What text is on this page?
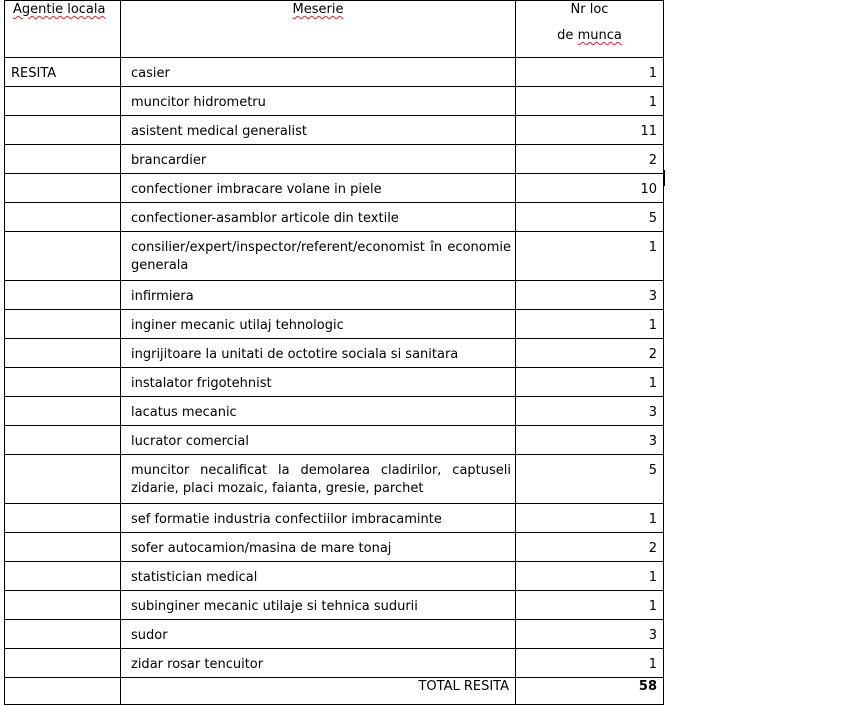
Agentie locala	Meserie	Nr loc
de munca

RESITA	casier	1
	muncitor hidrometru	1
	asistent medical generalist	11
	brancardier	2
	confectioner imbracare volane in piele	10
	confectioner-asamblor articole din textile	5
	consilier/expert/inspector/referent/economist în economie generala	1
	infirmiera	3
	inginer mecanic utilaj tehnologic	1
	ingrijitoare la unitati de octotire sociala si sanitara	2
	instalator frigotehnist	1
	lacatus mecanic	3
	lucrator comercial	3
	muncitor necalificat la demolarea cladirilor, captuseli zidarie, placi mozaic, faianta, gresie, parchet	5
	sef formatie industria confectiilor imbracaminte	1
	sofer autocamion/masina de mare tonaj	2
	statistician medical	1
	subinginer mecanic utilaje si tehnica sudurii	1
	sudor	3
	zidar rosar tencuitor	1
	TOTAL RESITA	58
